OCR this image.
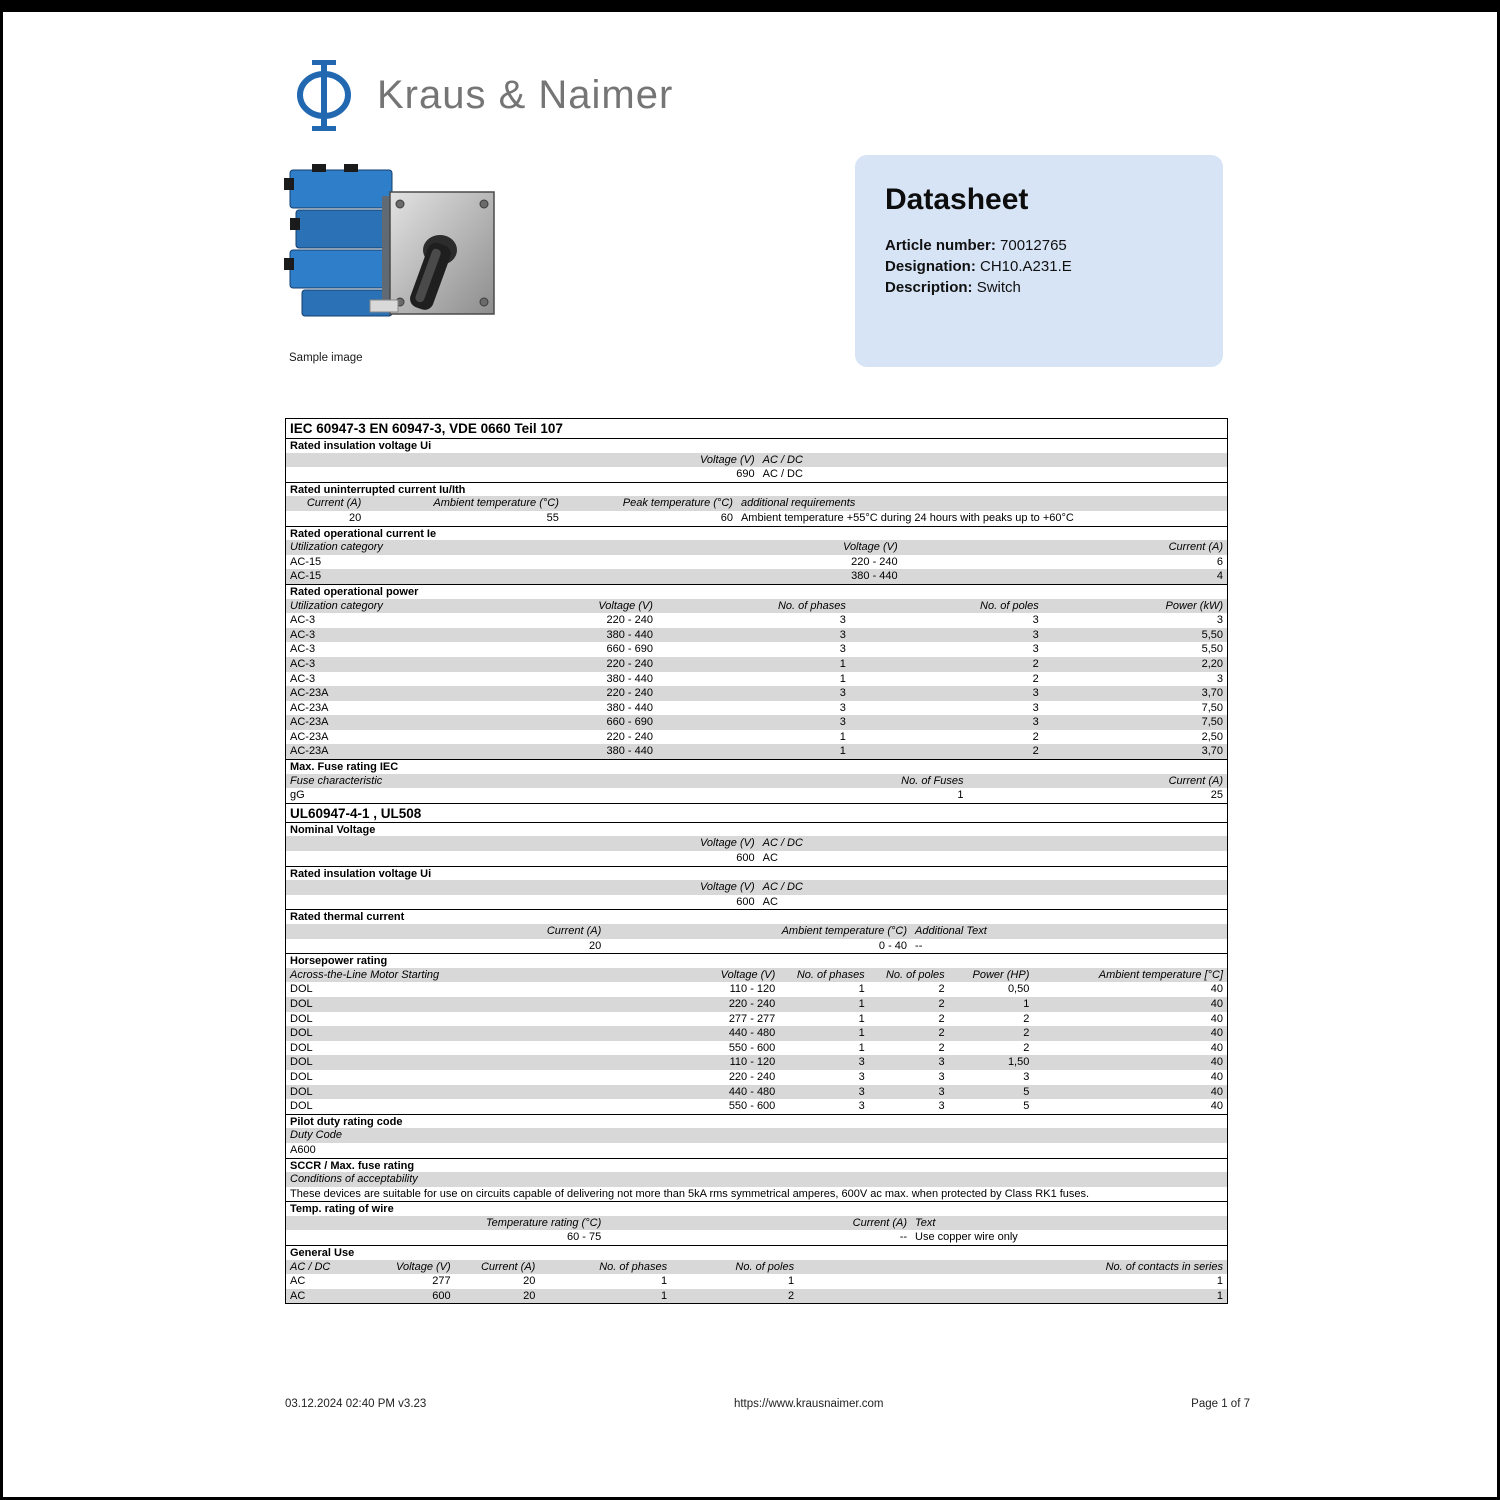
Kraus & Naimer
Sample image
Datasheet
Article number: 70012765
Designation: CH10.A231.E
Description: Switch
IEC 60947-3 EN 60947-3, VDE 0660 Teil 107
Rated insulation voltage Ui
Voltage (V) AC / DC
690 AC / DC
Rated uninterrupted current Iu/Ith
Current (A)	Ambient temperature (°C)	Peak temperature (°C) additional requirements
20	55	60 Ambient temperature +55°C during 24 hours with peaks up to +60°C
Rated operational current Ie
Utilization category	Voltage (V)	Current (A)
AC-15	220 - 240	6
AC-15	380 - 440	4
Rated operational power
Utilization category	Voltage (V)	No. of phases	No. of poles	Power (kW)
AC-3	220 - 240	3	3	3
AC-3	380 - 440	3	3	5,50
AC-3	660 - 690	3	3	5,50
AC-3	220 - 240	1	2	2,20
AC-3	380 - 440	1	2	3
AC-23A	220 - 240	3	3	3,70
AC-23A	380 - 440	3	3	7,50
AC-23A	660 - 690	3	3	7,50
AC-23A	220 - 240	1	2	2,50
AC-23A	380 - 440	1	2	3,70
Max. Fuse rating IEC
Fuse characteristic	No. of Fuses	Current (A)
gG	1	25
UL60947-4-1 , UL508
Nominal Voltage
Voltage (V) AC / DC
600 AC
Rated insulation voltage Ui
Voltage (V) AC / DC
600 AC
Rated thermal current
Current (A)	Ambient temperature (°C) Additional Text
20	0 - 40 --
Horsepower rating
Across-the-Line Motor Starting	Voltage (V)	No. of phases	No. of poles	Power (HP)	Ambient temperature [°C]
DOL	110 - 120	1	2	0,50	40
DOL	220 - 240	1	2	1	40
DOL	277 - 277	1	2	2	40
DOL	440 - 480	1	2	2	40
DOL	550 - 600	1	2	2	40
DOL	110 - 120	3	3	1,50	40
DOL	220 - 240	3	3	3	40
DOL	440 - 480	3	3	5	40
DOL	550 - 600	3	3	5	40
Pilot duty rating code
Duty Code
A600
SCCR / Max. fuse rating
Conditions of acceptability
These devices are suitable for use on circuits capable of delivering not more than 5kA rms symmetrical amperes, 600V ac max. when protected by Class RK1 fuses.
Temp. rating of wire
Temperature rating (°C)	Current (A) Text
60 - 75	-- Use copper wire only
General Use
AC / DC	Voltage (V)	Current (A)	No. of phases	No. of poles	No. of contacts in series
AC	277	20	1	1	1
AC	600	20	1	2	1
03.12.2024 02:40 PM v3.23	https://www.krausnaimer.com	Page 1 of 7
